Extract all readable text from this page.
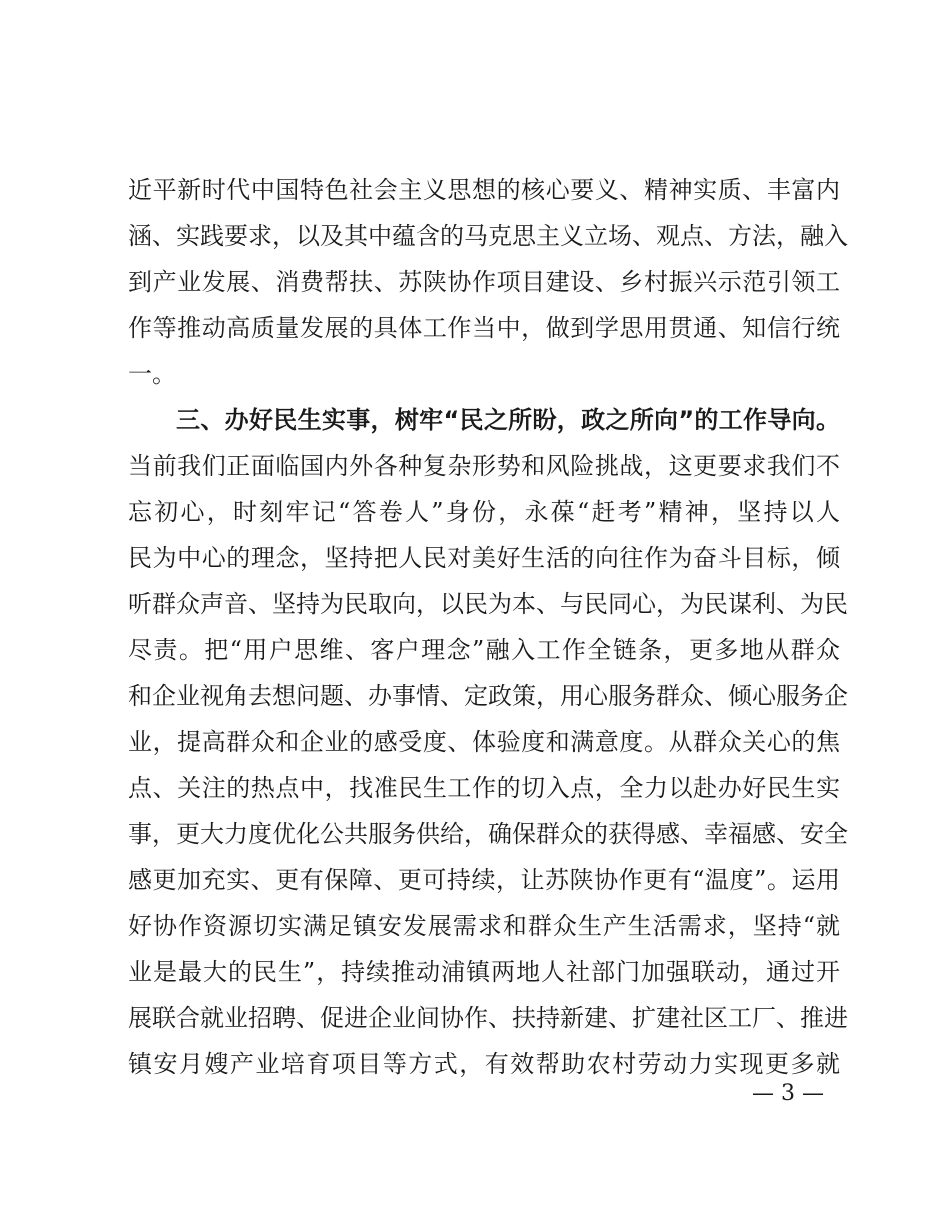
近平新时代中国特色社会主义思想的核心要义、精神实质、丰富内
涵、实践要求，以及其中蕴含的马克思主义立场、观点、方法，融入
到产业发展、消费帮扶、苏陕协作项目建设、乡村振兴示范引领工
作等推动高质量发展的具体工作当中，做到学思用贯通、知信行统
一。
三、办好民生实事，树牢“民之所盼，政之所向”的工作导向。
当前我们正面临国内外各种复杂形势和风险挑战，这更要求我们不
忘初心，时刻牢记“答卷人”身份，永葆“赶考”精神，坚持以人
民为中心的理念，坚持把人民对美好生活的向往作为奋斗目标，倾
听群众声音、坚持为民取向，以民为本、与民同心，为民谋利、为民
尽责。把“用户思维、客户理念”融入工作全链条，更多地从群众
和企业视角去想问题、办事情、定政策，用心服务群众、倾心服务企
业，提高群众和企业的感受度、体验度和满意度。从群众关心的焦
点、关注的热点中，找准民生工作的切入点，全力以赴办好民生实
事，更大力度优化公共服务供给，确保群众的获得感、幸福感、安全
感更加充实、更有保障、更可持续，让苏陕协作更有“温度”。运用
好协作资源切实满足镇安发展需求和群众生产生活需求，坚持“就
业是最大的民生”，持续推动浦镇两地人社部门加强联动，通过开
展联合就业招聘、促进企业间协作、扶持新建、扩建社区工厂、推进
镇安月嫂产业培育项目等方式，有效帮助农村劳动力实现更多就
— 3 —
